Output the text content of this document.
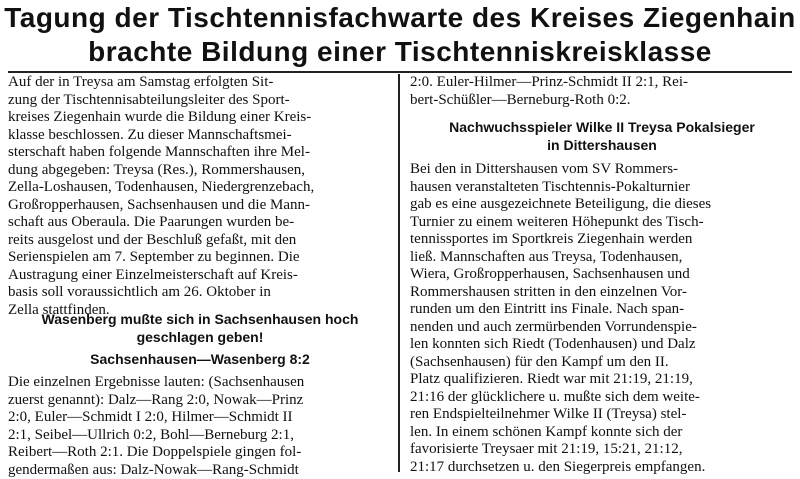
Tagung der Tischtennisfachwarte des Kreises Ziegenhain
brachte Bildung einer Tischtenniskreisklasse

Auf der in Treysa am Samstag erfolgten Sit-

zung der Tischtennisabteilungsleiter des Sport-

kreises Ziegenhain wurde die Bildung einer Kreis-

klasse beschlossen. Zu dieser Mannschaftsmei-

sterschaft haben folgende Mannschaften ihre Mel-

dung abgegeben: Treysa (Res.), Rommershausen,

Zella-Loshausen, Todenhausen, Niedergrenzebach,

Großropperhausen, Sachsenhausen und die Mann-

schaft aus Oberaula. Die Paarungen wurden be-

reits ausgelost und der Beschluß gefaßt, mit den

Serienspielen am 7. September zu beginnen. Die

Austragung einer Einzelmeisterschaft auf Kreis-

basis soll voraussichtlich am 26. Oktober in

Zella stattfinden.

Wasenberg mußte sich in Sachsenhausen hoch
geschlagen geben!
Sachsenhausen—Wasenberg 8:2

Die einzelnen Ergebnisse lauten: (Sachsenhausen

zuerst genannt): Dalz—Rang 2:0, Nowak—Prinz

2:0, Euler—Schmidt I 2:0, Hilmer—Schmidt II

2:1, Seibel—Ullrich 0:2, Bohl—Berneburg 2:1,

Reibert—Roth 2:1. Die Doppelspiele gingen fol-

gendermaßen aus: Dalz-Nowak—Rang-Schmidt

2:0. Euler-Hilmer—Prinz-Schmidt II 2:1, Rei-

bert-Schüßler—Berneburg-Roth 0:2.

Nachwuchsspieler Wilke II Treysa Pokalsieger
in Dittershausen

Bei den in Dittershausen vom SV Rommers-

hausen veranstalteten Tischtennis-Pokalturnier

gab es eine ausgezeichnete Beteiligung, die dieses

Turnier zu einem weiteren Höhepunkt des Tisch-

tennissportes im Sportkreis Ziegenhain werden

ließ. Mannschaften aus Treysa, Todenhausen,

Wiera, Großropperhausen, Sachsenhausen und

Rommershausen stritten in den einzelnen Vor-

runden um den Eintritt ins Finale. Nach span-

nenden und auch zermürbenden Vorrundenspie-

len konnten sich Riedt (Todenhausen) und Dalz

(Sachsenhausen) für den Kampf um den II.

Platz qualifizieren. Riedt war mit 21:19, 21:19,

21:16 der glücklichere u. mußte sich dem weite-

ren Endspielteilnehmer Wilke II (Treysa) stel-

len. In einem schönen Kampf konnte sich der

favorisierte Treysaer mit 21:19, 15:21, 21:12,

21:17 durchsetzen u. den Siegerpreis empfangen.
